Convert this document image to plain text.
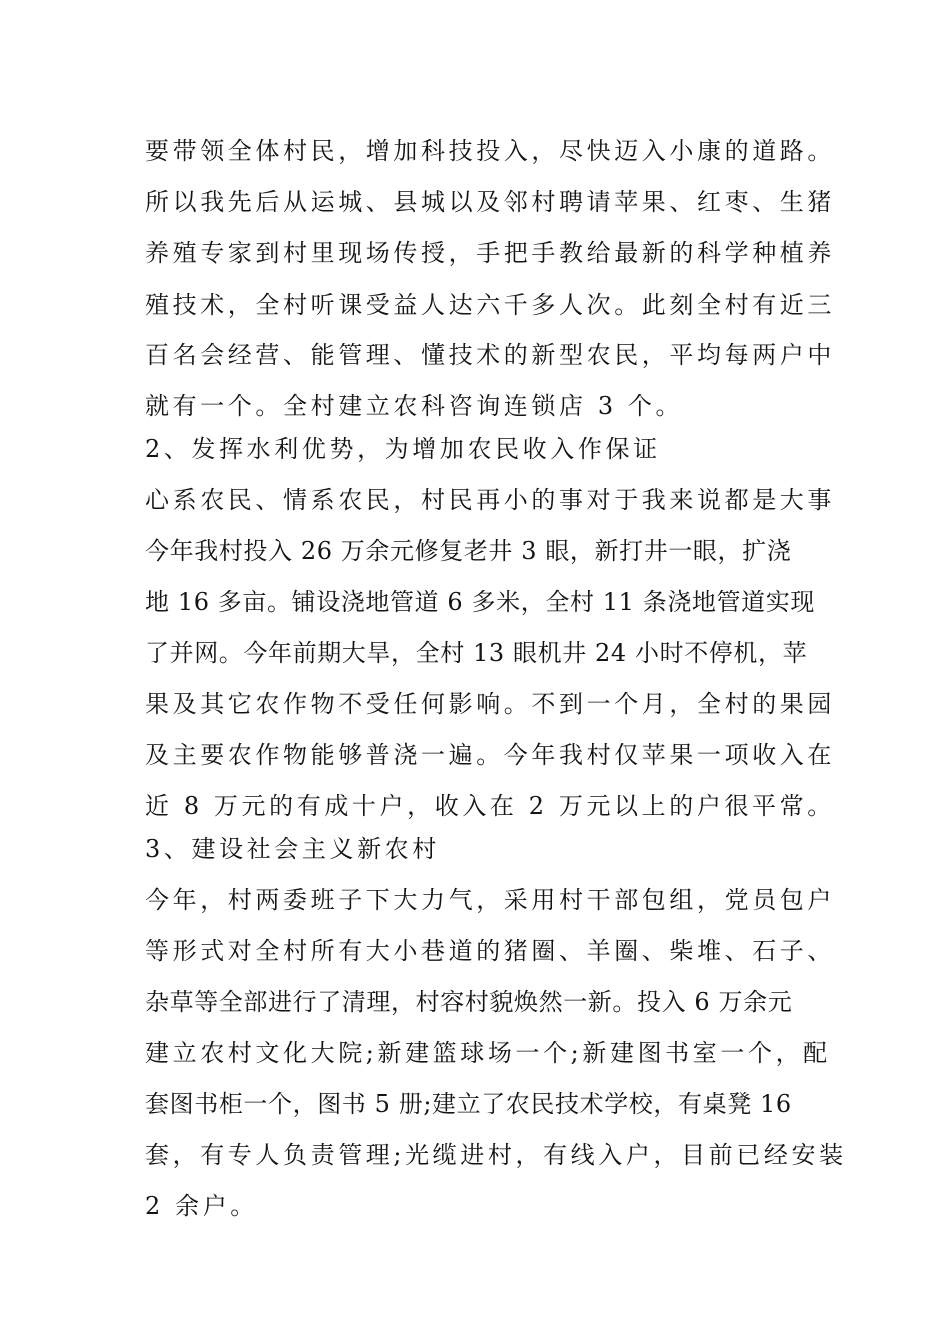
要带领全体村民，增加科技投入，尽快迈入小康的道路。
所以我先后从运城、县城以及邻村聘请苹果、红枣、生猪
养殖专家到村里现场传授，手把手教给最新的科学种植养
殖技术，全村听课受益人达六千多人次。此刻全村有近三
百名会经营、能管理、懂技术的新型农民，平均每两户中
就有一个。全村建立农科咨询连锁店 3 个。
2、发挥水利优势，为增加农民收入作保证
心系农民、情系农民，村民再小的事对于我来说都是大事
今年我村投入 26 万余元修复老井 3 眼，新打井一眼，扩浇
地 16 多亩。铺设浇地管道 6 多米，全村 11 条浇地管道实现
了并网。今年前期大旱，全村 13 眼机井 24 小时不停机，苹
果及其它农作物不受任何影响。不到一个月，全村的果园
及主要农作物能够普浇一遍。今年我村仅苹果一项收入在
近 8 万元的有成十户，收入在 2 万元以上的户很平常。
3、建设社会主义新农村
今年，村两委班子下大力气，采用村干部包组，党员包户
等形式对全村所有大小巷道的猪圈、羊圈、柴堆、石子、
杂草等全部进行了清理，村容村貌焕然一新。投入 6 万余元
建立农村文化大院;新建篮球场一个;新建图书室一个，配
套图书柜一个，图书 5 册;建立了农民技术学校，有桌凳 16
套，有专人负责管理;光缆进村，有线入户，目前已经安装
2 余户。
